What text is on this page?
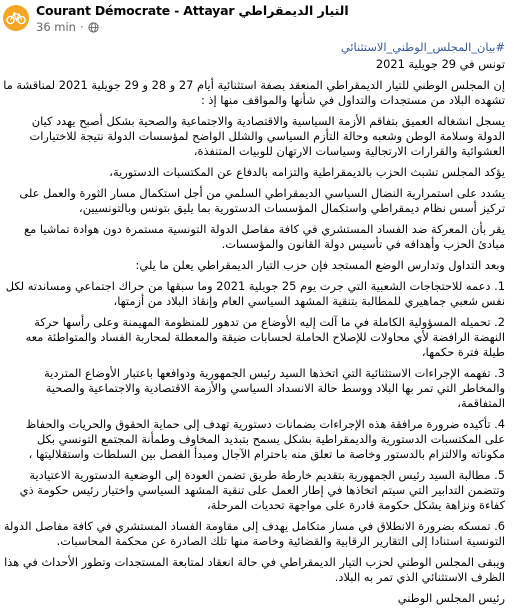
Courant Démocrate - Attayar التيار الديمقراطي
36 min ·

#بيان_المجلس_الوطني_الاستثنائي

تونس في 29 جويلية 2021

إن المجلس الوطني للتيار الديمقراطي المنعقد بصفة استثنائية أيام 27 و 28 و 29 جويلية 2021 لمناقشة ما تشهده البلاد من مستجدات والتداول في شأنها والمواقف منها إذ :

يسجل انشغاله العميق بتفاقم الأزمة السياسية والاقتصادية والاجتماعية والصحية بشكل أصبح يهدد كيان الدولة وسلامة الوطن وشعبه وحالة التأزم السياسي والشلل الواضح لمؤسسات الدولة نتيجة للاختيارات العشوائية والقرارات الارتجالية وسياسات الارتهان للوبيات المتنفذة،

يؤكد المجلس تشبث الحزب بالديمقراطية والتزامه بالدفاع عن المكتسبات الدستورية،

يشدد على استمرارية النضال السياسي الديمقراطي السلمي من أجل استكمال مسار الثورة والعمل على تركيز أسس نظام ديمقراطي واستكمال المؤسسات الدستورية بما يليق بتونس وبالتونسيين،

يقر بأن المعركة ضد الفساد المستشري في كافة مفاصل الدولة التونسية مستمرة دون هوادة تماشيا مع مبادئ الحزب وأهدافه في تأسيس دولة القانون والمؤسسات.

وبعد التداول وتدارس الوضع المستجد فإن حزب التيار الديمقراطي يعلن ما يلي:

1. دعمه للاحتجاجات الشعبية التي جرت يوم 25 جويلية 2021 وما سبقها من حراك اجتماعي ومساندته لكل نفس شعبي جماهيري للمطالبة بتنقية المشهد السياسي العام وإنقاذ البلاد من أزمتها،

2. تحميله المسؤولية الكاملة في ما آلت إليه الأوضاع من تدهور للمنظومة المهيمنة وعلى رأسها حركة النهضة الرافضة لأي محاولات للإصلاح الحاملة لحسابات ضيقة والمعطلة لمحاربة الفساد والمتواطئة معه طيلة فترة حكمها،

3. تفهمه الإجراءات الاستثنائية التي اتخذها السيد رئيس الجمهورية ودوافعها باعتبار الأوضاع المتردية والمخاطر التي تمر بها البلاد ووسط حالة الانسداد السياسي والأزمة الاقتصادية والاجتماعية والصحية المتفاقمة،

4. تأكيده ضرورة مرافقة هذه الإجراءات بضمانات دستورية تهدف إلى حماية الحقوق والحريات والحفاظ على المكتسبات الدستورية والديمقراطية بشكل يسمح بتبديد المخاوف وطمأنة المجتمع التونسي بكل مكوناته والالتزام بالدستور وخاصة ما تعلق منه باحترام الآجال ومبدأ الفصل بين السلطات واستقلاليتها ،

5. مطالبة السيد رئيس الجمهورية بتقديم خارطة طريق تضمن العودة إلى الوضعية الدستورية الاعتيادية وتتضمن التدابير التي سيتم اتخاذها في إطار العمل على تنقية المشهد السياسي واختيار رئيس حكومة ذي كفاءة ونزاهة يشكل حكومة قادرة على مواجهة تحديات المرحلة،

6. تمسكه بضرورة الانطلاق في مسار متكامل يهدف إلى مقاومة الفساد المستشري في كافة مفاصل الدولة التونسية استنادا إلى التقارير الرقابية والقضائية وخاصة منها تلك الصادرة عن محكمة المحاسبات.

ويبقى المجلس الوطني لحزب التيار الديمقراطي في حالة انعقاد لمتابعة المستجدات وتطور الأحداث في هذا الظرف الاستثنائي الذي تمر به البلاد.

رئيس المجلس الوطني
